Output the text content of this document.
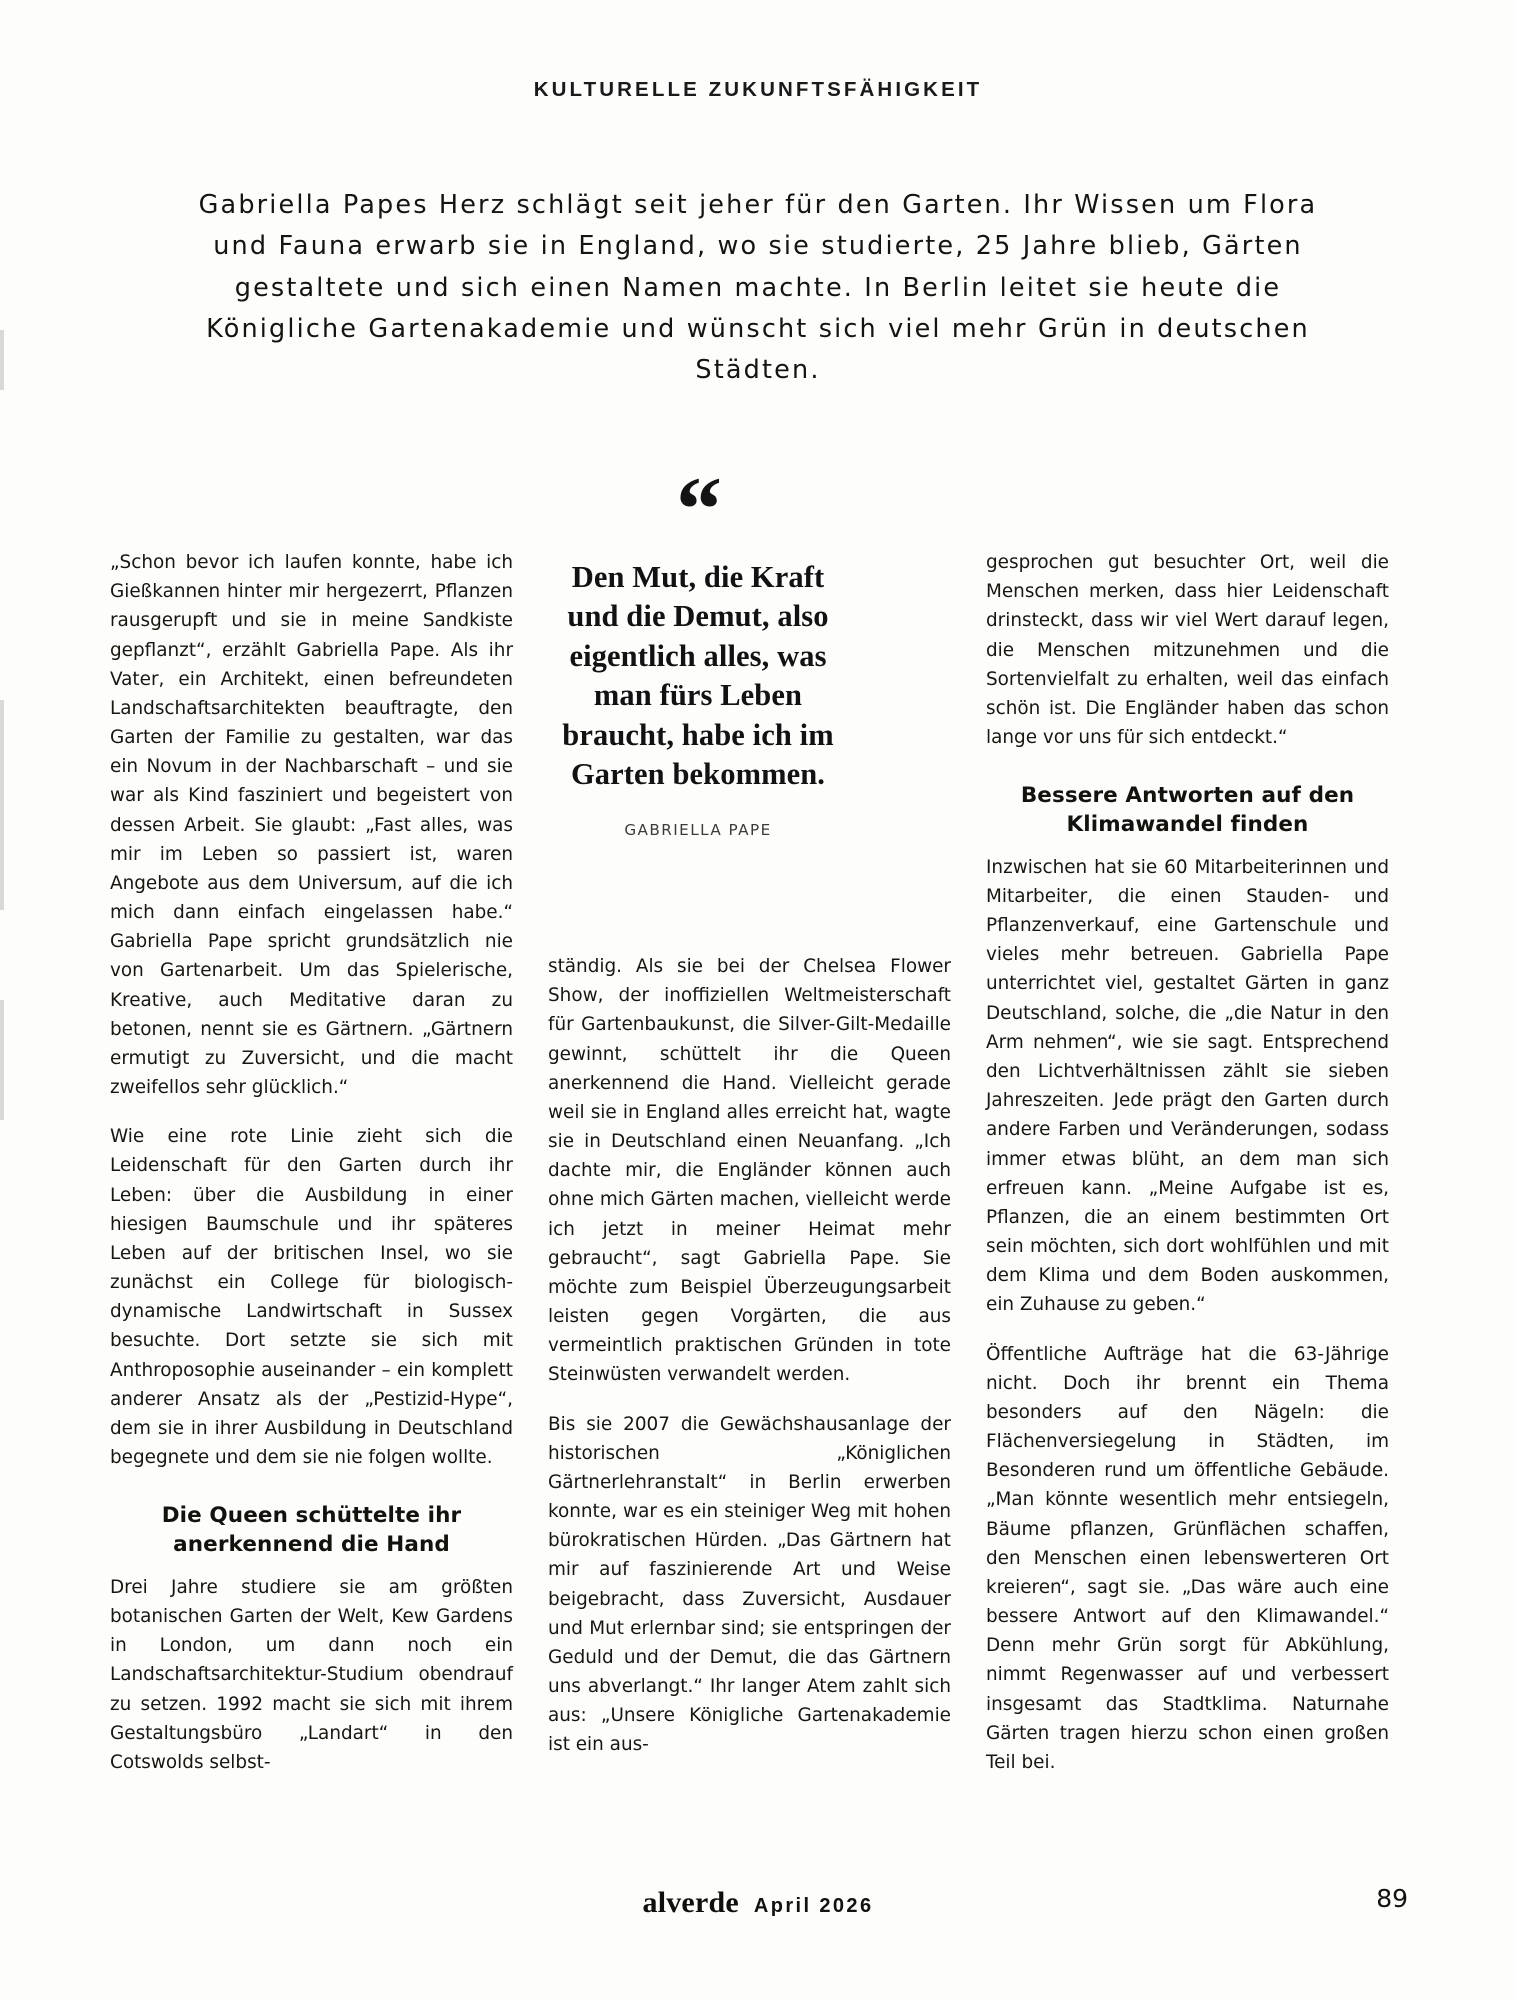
KULTURELLE ZUKUNFTSFÄHIGKEIT
Gabriella Papes Herz schlägt seit jeher für den Garten. Ihr Wissen um Flora und Fauna erwarb sie in England, wo sie studierte, 25 Jahre blieb, Gärten gestaltete und sich einen Namen machte. In Berlin leitet sie heute die Königliche Gartenakademie und wünscht sich viel mehr Grün in deutschen Städten.
“
Den Mut, die Kraft und die Demut, also eigentlich alles, was man fürs Leben braucht, habe ich im Garten bekommen.
GABRIELLA PAPE

„Schon bevor ich laufen konnte, habe ich Gießkannen hinter mir hergezerrt, Pflanzen rausgerupft und sie in meine Sandkiste gepflanzt“, erzählt Gabriella Pape. Als ihr Vater, ein Architekt, einen befreundeten Landschaftsarchitekten beauftragte, den Garten der Familie zu gestalten, war das ein Novum in der Nachbarschaft – und sie war als Kind fasziniert und begeistert von dessen Arbeit. Sie glaubt: „Fast alles, was mir im Leben so passiert ist, waren Angebote aus dem Universum, auf die ich mich dann einfach eingelassen habe.“ Gabriella Pape spricht grundsätzlich nie von Gartenarbeit. Um das Spielerische, Kreative, auch Meditative daran zu betonen, nennt sie es Gärtnern. „Gärtnern ermutigt zu Zuversicht, und die macht zweifellos sehr glücklich.“

Wie eine rote Linie zieht sich die Leidenschaft für den Garten durch ihr Leben: über die Ausbildung in einer hiesigen Baumschule und ihr späteres Leben auf der britischen Insel, wo sie zunächst ein College für biologisch-dynamische Landwirtschaft in Sussex besuchte. Dort setzte sie sich mit Anthroposophie auseinander – ein komplett anderer Ansatz als der „Pestizid-Hype“, dem sie in ihrer Ausbildung in Deutschland begegnete und dem sie nie folgen wollte.

Die Queen schüttelte ihr anerkennend die Hand

Drei Jahre studiere sie am größten botanischen Garten der Welt, Kew Gardens in London, um dann noch ein Landschaftsarchitektur-Studium obendrauf zu setzen. 1992 macht sie sich mit ihrem Gestaltungsbüro „Landart“ in den Cotswolds selbst-

ständig. Als sie bei der Chelsea Flower Show, der inoffiziellen Weltmeisterschaft für Gartenbaukunst, die Silver-Gilt-Medaille gewinnt, schüttelt ihr die Queen anerkennend die Hand. Vielleicht gerade weil sie in England alles erreicht hat, wagte sie in Deutschland einen Neuanfang. „Ich dachte mir, die Engländer können auch ohne mich Gärten machen, vielleicht werde ich jetzt in meiner Heimat mehr gebraucht“, sagt Gabriella Pape. Sie möchte zum Beispiel Überzeugungsarbeit leisten gegen Vorgärten, die aus vermeintlich praktischen Gründen in tote Steinwüsten verwandelt werden.

Bis sie 2007 die Gewächshausanlage der historischen „Königlichen Gärtnerlehranstalt“ in Berlin erwerben konnte, war es ein steiniger Weg mit hohen bürokratischen Hürden. „Das Gärtnern hat mir auf faszinierende Art und Weise beigebracht, dass Zuversicht, Ausdauer und Mut erlernbar sind; sie entspringen der Geduld und der Demut, die das Gärtnern uns abverlangt.“ Ihr langer Atem zahlt sich aus: „Unsere Königliche Gartenakademie ist ein aus-

gesprochen gut besuchter Ort, weil die Menschen merken, dass hier Leidenschaft drinsteckt, dass wir viel Wert darauf legen, die Menschen mitzunehmen und die Sortenvielfalt zu erhalten, weil das einfach schön ist. Die Engländer haben das schon lange vor uns für sich entdeckt.“

Bessere Antworten auf den Klimawandel finden

Inzwischen hat sie 60 Mitarbeiterinnen und Mitarbeiter, die einen Stauden- und Pflanzenverkauf, eine Gartenschule und vieles mehr betreuen. Gabriella Pape unterrichtet viel, gestaltet Gärten in ganz Deutschland, solche, die „die Natur in den Arm nehmen“, wie sie sagt. Entsprechend den Lichtverhältnissen zählt sie sieben Jahreszeiten. Jede prägt den Garten durch andere Farben und Veränderungen, sodass immer etwas blüht, an dem man sich erfreuen kann. „Meine Aufgabe ist es, Pflanzen, die an einem bestimmten Ort sein möchten, sich dort wohlfühlen und mit dem Klima und dem Boden auskommen, ein Zuhause zu geben.“

Öffentliche Aufträge hat die 63-Jährige nicht. Doch ihr brennt ein Thema besonders auf den Nägeln: die Flächenversiegelung in Städten, im Besonderen rund um öffentliche Gebäude. „Man könnte wesentlich mehr entsiegeln, Bäume pflanzen, Grünflächen schaffen, den Menschen einen lebenswerteren Ort kreieren“, sagt sie. „Das wäre auch eine bessere Antwort auf den Klimawandel.“ Denn mehr Grün sorgt für Abkühlung, nimmt Regenwasser auf und verbessert insgesamt das Stadtklima. Naturnahe Gärten tragen hierzu schon einen großen Teil bei.

alverde April 2026	89
